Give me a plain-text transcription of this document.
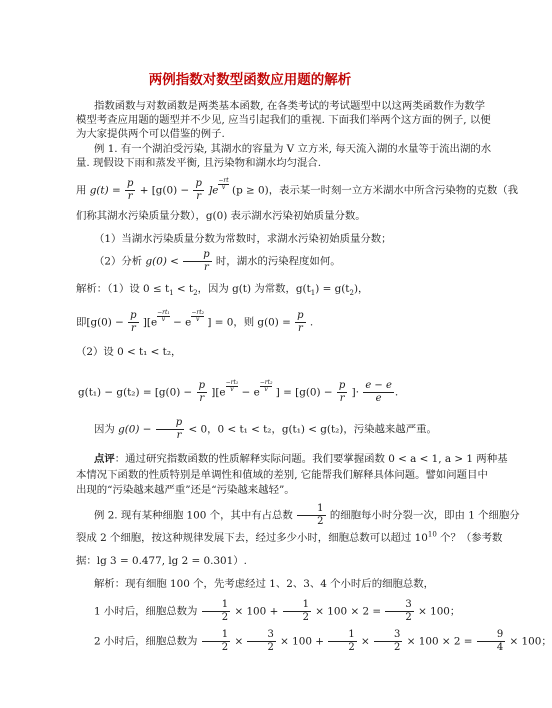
两例指数对数型函数应用题的解析
指数函数与对数函数是两类基本函数, 在各类考试的考试题型中以这两类函数作为数学
模型考查应用题的题型并不少见, 应当引起我们的重视. 下面我们举两个这方面的例子, 以便
为大家提供两个可以借鉴的例子.
例 1. 有一个湖泊受污染, 其湖水的容量为 V 立方米, 每天流入湖的水量等于流出湖的水
量. 现假设下雨和蒸发平衡, 且污染物和湖水均匀混合.
用 $g(t) = \frac{p}{r} + [g(0) - \frac{p}{r} ]e \frac{-rt}{v} (p \ge 0)$，表示某一时刻一立方米湖水中所含污染物的克数（我
们称其湖水污染质量分数），g(0) 表示湖水污染初始质量分数。
（1）当湖水污染质量分数为常数时，求湖水污染初始质量分数；
（2）分析 $g(0) < \frac{p}{r}$ 时，湖水的污染程度如何。
解析：（1）设 $0 \le t_1 < t_2$，因为 g(t) 为常数，$g(t_1) = g(t_2)$，
即$[g(0) - \frac{p}{r} ][e \frac{\text{−rt₁}}{v} - e \frac{\text{−rt₂}}{v}$ ] = 0，则 $g(0) = \frac{p}{r}$ .
（2）设 0 < t₁ < t₂，
$g(t_1) - g(t_2) = [g(0) - \frac{p}{r} ][e \frac{\text{−rt₁}}{v} - e \frac{\text{−rt₂}}{v}$ ] = [$g(0) - \frac{p}{r}$ ]· $\frac{e - e}{e}$ .
因为 $g(0) - \frac{p}{r} < 0$，0 < t₁ < t₂，g(t₁) < g(t₂)，污染越来越严重。
点评：通过研究指数函数的性质解释实际问题。我们要掌握函数 0 < a < 1, a > 1 两种基
本情况下函数的性质特别是单调性和值域的差别, 它能帮我们解释具体问题。譬如问题目中
出现的“污染越来越严重”还是“污染越来越轻”。
例 2. 现有某种细胞 100 个，其中有占总数 $\frac{1}{2}$ 的细胞每小时分裂一次，即由 1 个细胞分
裂成 2 个细胞，按这种规律发展下去，经过多少小时，细胞总数可以超过 $10^{10}$ 个？（参考数
据：lg 3 = 0.477, lg 2 = 0.301）.
解析：现有细胞 100 个，先考虑经过 1、2、3、4 个小时后的细胞总数，
1 小时后，细胞总数为 $\frac{1}{2} \times 100 + \frac{1}{2} \times 100 \times 2 = \frac{3}{2} \times 100$；
2 小时后，细胞总数为 $\frac{1}{2} \times \frac{3}{2} \times 100 + \frac{1}{2} \times \frac{3}{2} \times 100 \times 2 = \frac{9}{4} \times 100$；
